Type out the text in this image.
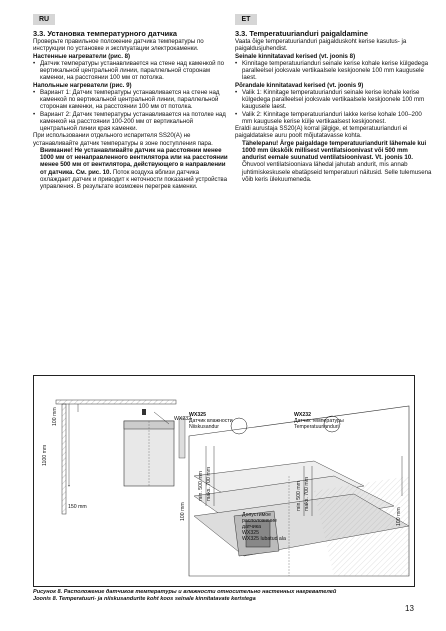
RU	ET

3.3. Установка температурного датчика

Проверьте правильное положение датчика температуры по инструкции по установке и эксплуатации электрокаменки.

Настенные нагреватели (рис. 8)

• Датчик температуры устанавливается на стене над каменкой по вертикальной центральной линии, параллельной сторонам каменки, на расстоянии 100 мм от потолка.

Напольные нагреватели (рис. 9)

• Вариант 1: Датчик температуры устанавливается на стене над каменкой по вертикальной центральной линии, параллельной сторонам каменки, на расстоянии 100 мм от потолка.

• Вариант 2: Датчик температуры устанавливается на потолке над каменкой на расстоянии 100-200 мм от вертикальной центральной линии края каменки.

При использовании отдельного испарителя SS20(A) не устанавливайте датчик температуры в зоне поступления пара.

Внимание! Не устанавливайте датчик на расстоянии менее 1000 мм от ненаправленного вентилятора или на расстоянии менее 500 мм от вентилятора, действующего в направлении от датчика. См. рис. 10. Поток воздуха вблизи датчика охлаждает датчик и приводит к неточности показаний устройства управления. В результате возможен перегрев каменки.

3.3. Temperatuurianduri paigaldamine

Vaata õige temperatuurianduri paigalduskoht kerise kasutus- ja paigaldusjuhendist.

Seinale kinnitatavad kerised (vt. joonis 8)

• Kinnitage temperatuurianduri seinale kerise kohale kerise külgedega paralleelsel jooksvale vertikaalsele keskjoonele 100 mm kaugusele laest.

Põrandale kinnitatavad kerised (vt. joonis 9)

• Valik 1: Kinnitage temperatuurianduri seinale kerise kohale kerise külgedega paralleelsel jooksvale vertikaalsele keskjoonele 100 mm kaugusele laest.

• Valik 2: Kinnitage temperatuurianduri lakke kerise kohale 100–200 mm kaugusele kerise külje vertikaalsest keskjoonest.

Eraldi aurustaja SS20(A) korral jälgige, et temperatuurianduri ei paigaldatakse auru poolt mõjutatavasse kohta.

Tähelepanu! Ärge paigaldage temperatuuriandurit lähemale kui 1000 mm ükskõik millisest ventilatsioonivast või 500 mm andurist eemale suunatud ventilatsioonivast. Vt. joonis 10. Õhuvool ventilatsiooniava lähedal jahutab andurit, mis annab juhtimiskeskusele ebatäpseid temperatuuri näitusid. Selle tulemusena võib keris ülekuumeneda.

WX232
1100 mm
100 mm
150 mm
WX325
Датчик влажности
Niiskusandur
WX232
Датчик температуры
Temperatuurianduri
min. 500 mm maks. 700 mm
100 mm
min. 500 mm maks. 700 mm
100 mm
Допустимое
расположение
датчика
WX325
WX325 lubatud ala
Рисунок 8. Расположение датчиков температуры и влажности относительно настенных нагревателей
Joonis 8. Temperatuuri- ja niiskusandurite koht koos seinale kinnitatavate keristega
13
